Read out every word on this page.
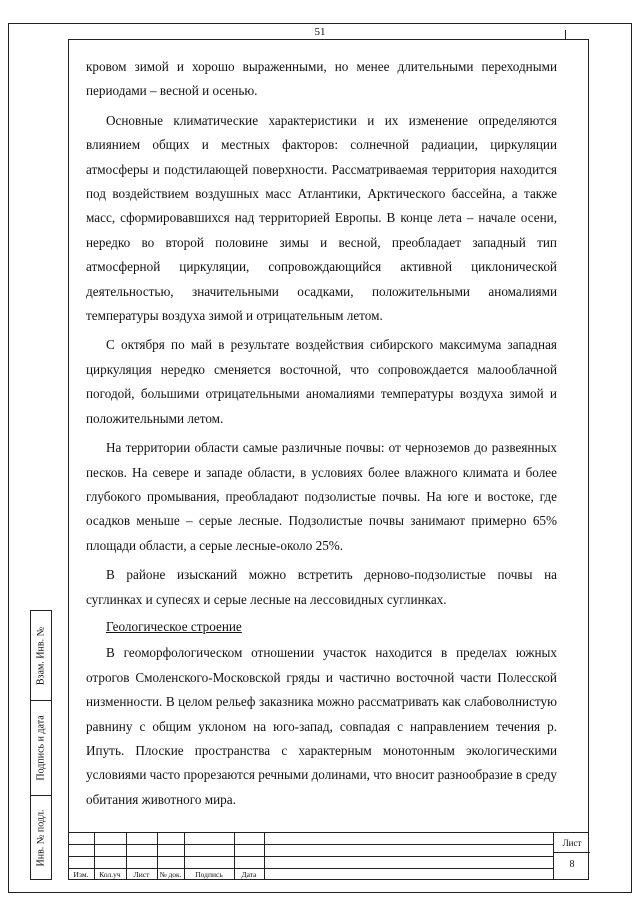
51

кровом зимой и хорошо выраженными, но менее длительными переходными периодами – весной и осенью.

Основные климатические характеристики и их изменение определяются влиянием общих и местных факторов: солнечной радиации, циркуляции атмосферы и подстилающей поверхности. Рассматриваемая территория находится под воздействием воздушных масс Атлантики, Арктического бассейна, а также масс, сформировавшихся над территорией Европы. В конце лета – начале осени, нередко во второй половине зимы и весной, преобладает западный тип атмосферной циркуляции, сопровождающийся активной циклонической деятельностью, значительными осадками, положительными аномалиями температуры воздуха зимой и отрицательным летом.

С октября по май в результате воздействия сибирского максимума западная циркуляция нередко сменяется восточной, что сопровождается малооблачной погодой, большими отрицательными аномалиями температуры воздуха зимой и положительными летом.

На территории области самые различные почвы: от черноземов до развеянных песков. На севере и западе области, в условиях более влажного климата и более глубокого промывания, преобладают подзолистые почвы. На юге и востоке, где осадков меньше – серые лесные. Подзолистые почвы занимают примерно 65% площади области, а серые лесные-около 25%.

В районе изысканий можно встретить дерново-подзолистые почвы на суглинках и супесях и серые лесные на лессовидных суглинках.

Геологическое строение

В геоморфологическом отношении участок находится в пределах южных отрогов Смоленского-Московской гряды и частично восточной части Полесской низменности. В целом рельеф заказника можно рассматривать как слабоволнистую равнину с общим уклоном на юго-запад, совпадая с направлением течения р. Ипуть. Плоские пространства с характерным монотонным экологическими условиями часто прорезаются речными долинами, что вносит разнообразие в среду обитания животного мира.

Взам. Инв. №
Подпись и дата
Инв. № подл.
Изм.	Кол.уч	Лист	№ док.	Подпись	Дата
Лист
8
